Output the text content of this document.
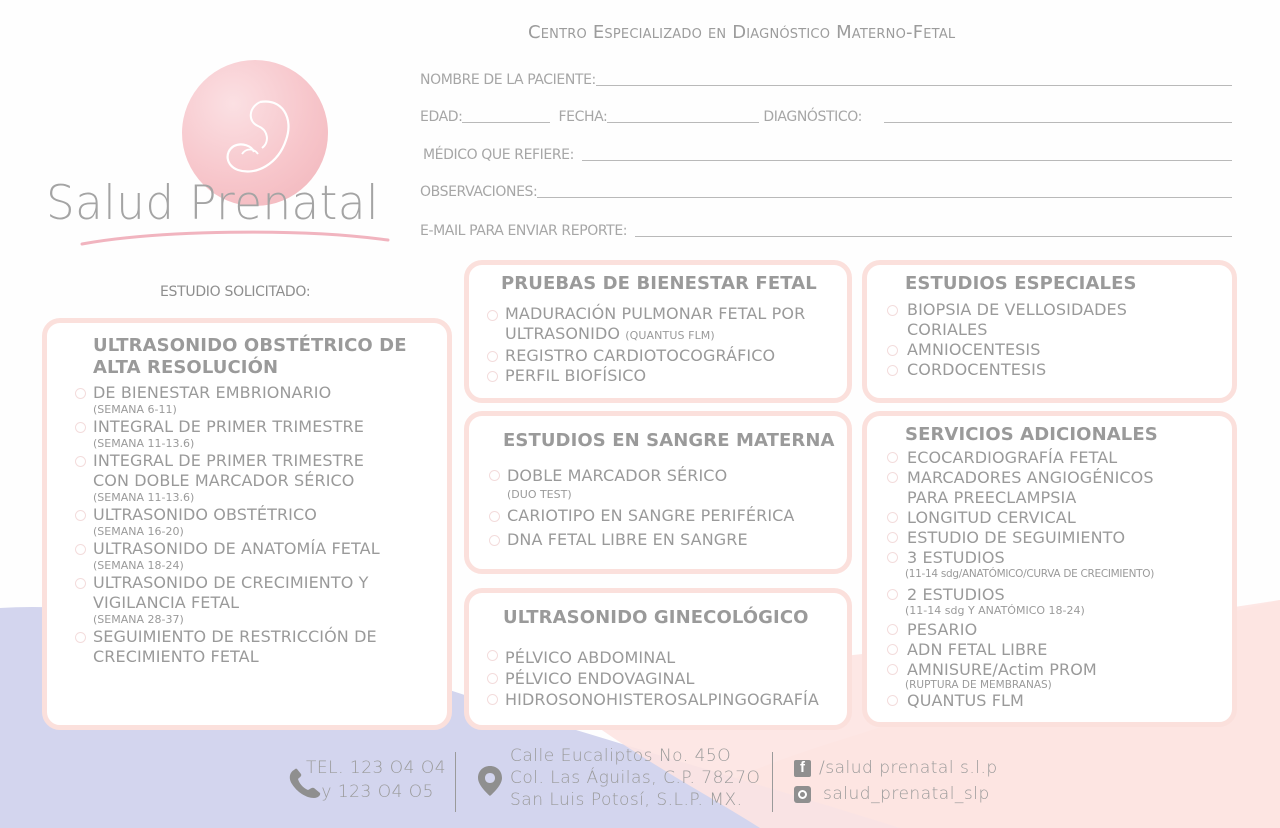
Salud Prenatal
Centro Especializado en Diagnóstico Materno-Fetal
NOMBRE DE LA PACIENTE:
EDAD:	FECHA:	DIAGNÓSTICO:
MÉDICO QUE REFIERE:
OBSERVACIONES:
E-MAIL PARA ENVIAR REPORTE:
ESTUDIO SOLICITADO:
ULTRASONIDO OBSTÉTRICO DE
ALTA RESOLUCIÓN
DE BIENESTAR EMBRIONARIO
(SEMANA 6-11)
INTEGRAL DE PRIMER TRIMESTRE
(SEMANA 11-13.6)
INTEGRAL DE PRIMER TRIMESTRE
CON DOBLE MARCADOR SÉRICO
(SEMANA 11-13.6)
ULTRASONIDO OBSTÉTRICO
(SEMANA 16-20)
ULTRASONIDO DE ANATOMÍA FETAL
(SEMANA 18-24)
ULTRASONIDO DE CRECIMIENTO Y
VIGILANCIA FETAL
(SEMANA 28-37)
SEGUIMIENTO DE RESTRICCIÓN DE
CRECIMIENTO FETAL
PRUEBAS DE BIENESTAR FETAL
MADURACIÓN PULMONAR FETAL POR
ULTRASONIDO (QUANTUS FLM)
REGISTRO CARDIOTOCOGRÁFICO
PERFIL BIOFÍSICO
ESTUDIOS EN SANGRE MATERNA
DOBLE MARCADOR SÉRICO
(DUO TEST)
CARIOTIPO EN SANGRE PERIFÉRICA
DNA FETAL LIBRE EN SANGRE
ULTRASONIDO GINECOLÓGICO
PÉLVICO ABDOMINAL
PÉLVICO ENDOVAGINAL
HIDROSONOHISTEROSALPINGOGRAFÍA
ESTUDIOS ESPECIALES
BIOPSIA DE VELLOSIDADES
CORIALES
AMNIOCENTESIS
CORDOCENTESIS
SERVICIOS ADICIONALES
ECOCARDIOGRAFÍA FETAL
MARCADORES ANGIOGÉNICOS
PARA PREECLAMPSIA
LONGITUD CERVICAL
ESTUDIO DE SEGUIMIENTO
3 ESTUDIOS
(11-14 sdg/ANATÓMICO/CURVA DE CRECIMIENTO)
2 ESTUDIOS
(11-14 sdg Y ANATÓMICO 18-24)
PESARIO
ADN FETAL LIBRE
AMNISURE/Actim PROM
(RUPTURA DE MEMBRANAS)
QUANTUS FLM
TEL. 123 O4 O4
y 123 O4 O5
Calle Eucaliptos No. 45O
Col. Las Águilas, C.P. 7827O
San Luis Potosí, S.L.P. MX.
f /salud prenatal s.l.p
salud_prenatal_slp
